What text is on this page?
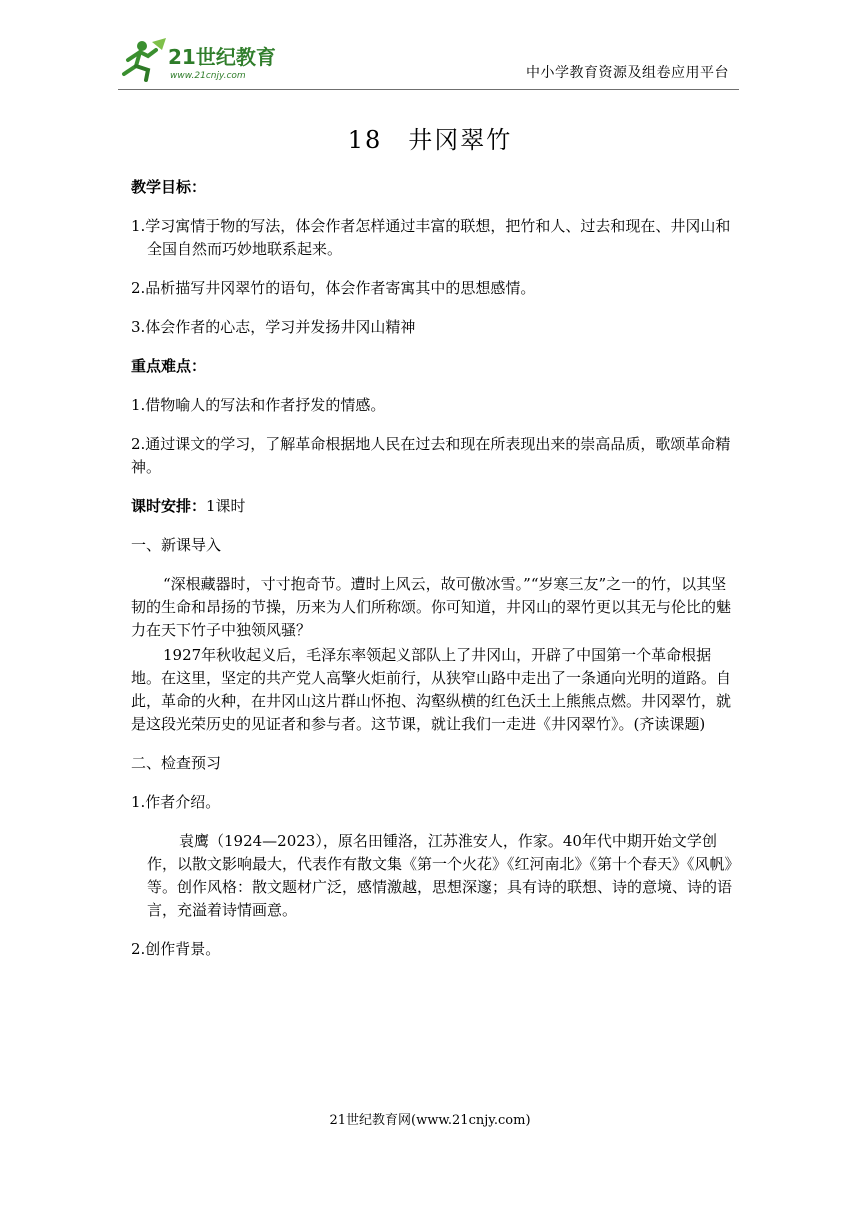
21世纪教育
www.21cnjy.com	中小学教育资源及组卷应用平台
18　井冈翠竹

教学目标：

1.学习寓情于物的写法，体会作者怎样通过丰富的联想，把竹和人、过去和现在、井冈山和全国自然而巧妙地联系起来。

2.品析描写井冈翠竹的语句，体会作者寄寓其中的思想感情。

3.体会作者的心志，学习并发扬井冈山精神

重点难点：

1.借物喻人的写法和作者抒发的情感。

2.通过课文的学习，了解革命根据地人民在过去和现在所表现出来的崇高品质，歌颂革命精神。

课时安排：1课时

一、新课导入

“深根藏器时，寸寸抱奇节。遭时上风云，故可傲冰雪。”“岁寒三友”之一的竹，以其坚韧的生命和昂扬的节操，历来为人们所称颂。你可知道，井冈山的翠竹更以其无与伦比的魅力在天下竹子中独领风骚？

1927年秋收起义后，毛泽东率领起义部队上了井冈山，开辟了中国第一个革命根据地。在这里，坚定的共产党人高擎火炬前行，从狭窄山路中走出了一条通向光明的道路。自此，革命的火种，在井冈山这片群山怀抱、沟壑纵横的红色沃土上熊熊点燃。井冈翠竹，就是这段光荣历史的见证者和参与者。这节课，就让我们一走进《井冈翠竹》。(齐读课题)

二、检查预习

1.作者介绍。

袁鹰（1924—2023），原名田锺洛，江苏淮安人，作家。40年代中期开始文学创作，以散文影响最大，代表作有散文集《第一个火花》《红河南北》《第十个春天》《风帆》等。创作风格：散文题材广泛，感情激越，思想深邃；具有诗的联想、诗的意境、诗的语言，充溢着诗情画意。

2.创作背景。

21世纪教育网(www.21cnjy.com)
